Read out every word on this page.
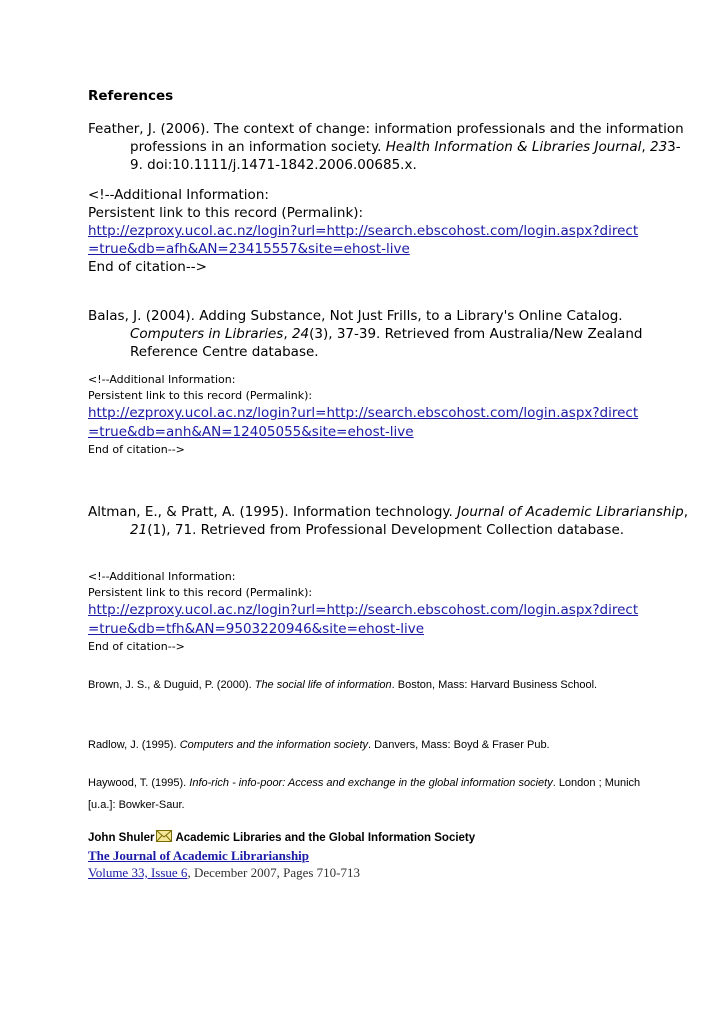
References
Feather, J. (2006). The context of change: information professionals and the information professions in an information society. Health Information & Libraries Journal, 233-9. doi:10.1111/j.1471-1842.2006.00685.x.
<!--Additional Information:
Persistent link to this record (Permalink):
http://ezproxy.ucol.ac.nz/login?url=http://search.ebscohost.com/login.aspx?direct=true&db=afh&AN=23415557&site=ehost-live
End of citation-->
Balas, J. (2004). Adding Substance, Not Just Frills, to a Library's Online Catalog. Computers in Libraries, 24(3), 37-39. Retrieved from Australia/New Zealand Reference Centre database.
<!--Additional Information:
Persistent link to this record (Permalink):
http://ezproxy.ucol.ac.nz/login?url=http://search.ebscohost.com/login.aspx?direct=true&db=anh&AN=12405055&site=ehost-live
End of citation-->
Altman, E., & Pratt, A. (1995). Information technology. Journal of Academic Librarianship, 21(1), 71. Retrieved from Professional Development Collection database.
<!--Additional Information:
Persistent link to this record (Permalink):
http://ezproxy.ucol.ac.nz/login?url=http://search.ebscohost.com/login.aspx?direct=true&db=tfh&AN=9503220946&site=ehost-live
End of citation-->
Brown, J. S., & Duguid, P. (2000). The social life of information. Boston, Mass: Harvard Business School.
Radlow, J. (1995). Computers and the information society. Danvers, Mass: Boyd & Fraser Pub.
Haywood, T. (1995). Info-rich - info-poor: Access and exchange in the global information society. London ; Munich [u.a.]: Bowker-Saur.
John Shuler Academic Libraries and the Global Information Society
The Journal of Academic Librarianship
Volume 33, Issue 6, December 2007, Pages 710-713
